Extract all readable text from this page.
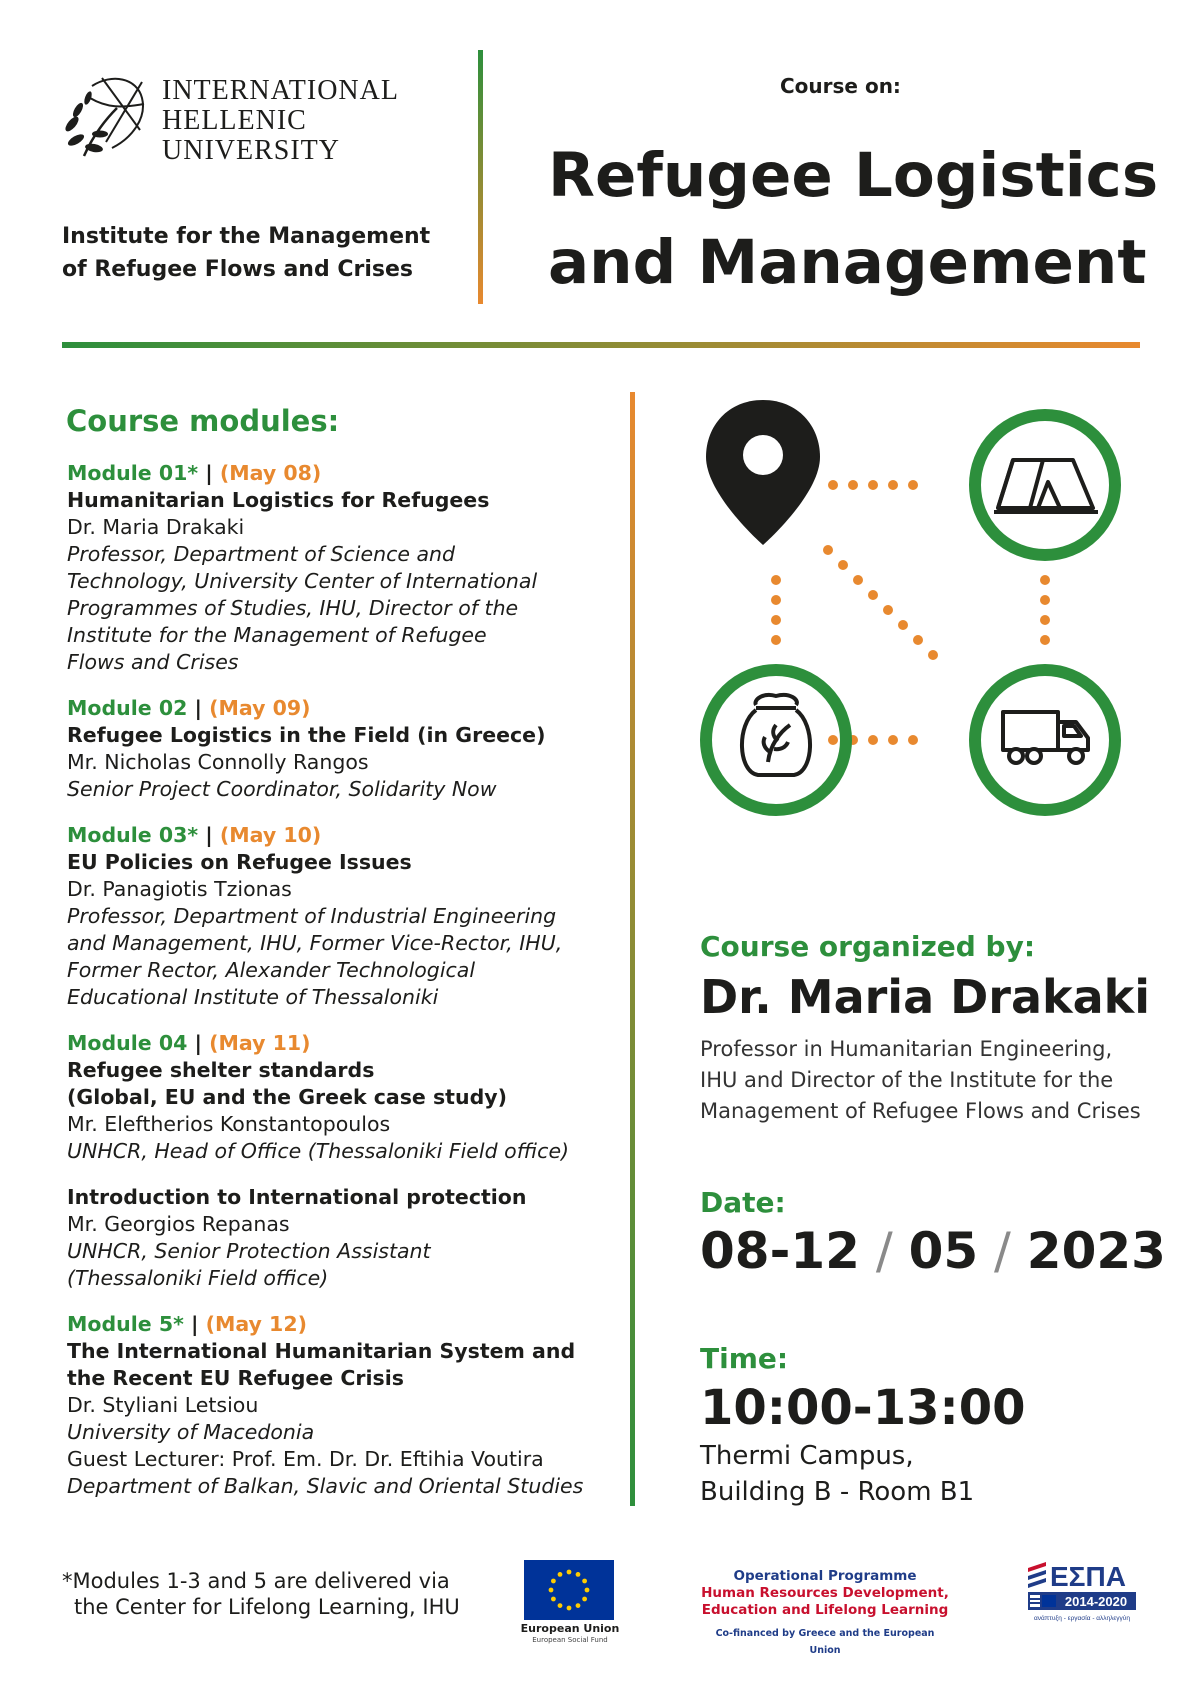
INTERNATIONAL
HELLENIC
UNIVERSITY
Institute for the Management
of Refugee Flows and Crises
Course on:
Refugee Logistics
and Management
Course modules:
Module 01* | (May 08)
Humanitarian Logistics for Refugees
Dr. Maria Drakaki
Professor, Department of Science and
Technology, University Center of International
Programmes of Studies, IHU, Director of the
Institute for the Management of Refugee
Flows and Crises
Module 02 | (May 09)
Refugee Logistics in the Field (in Greece)
Mr. Nicholas Connolly Rangos
Senior Project Coordinator, Solidarity Now
Module 03* | (May 10)
EU Policies on Refugee Issues
Dr. Panagiotis Tzionas
Professor, Department of Industrial Engineering
and Management, IHU, Former Vice-Rector, IHU,
Former Rector, Alexander Technological
Educational Institute of Thessaloniki
Module 04 | (May 11)
Refugee shelter standards
(Global, EU and the Greek case study)
Mr. Eleftherios Konstantopoulos
UNHCR, Head of Office (Thessaloniki Field office)
Introduction to International protection
Mr. Georgios Repanas
UNHCR, Senior Protection Assistant
(Thessaloniki Field office)
Module 5* | (May 12)
The International Humanitarian System and
the Recent EU Refugee Crisis
Dr. Styliani Letsiou
University of Macedonia
Guest Lecturer: Prof. Em. Dr. Dr. Eftihia Voutira
Department of Balkan, Slavic and Oriental Studies
Course organized by:
Dr. Maria Drakaki
Professor in Humanitarian Engineering,
IHU and Director of the Institute for the
Management of Refugee Flows and Crises
Date:
08-12 / 05 / 2023
Time:
10:00-13:00
Thermi Campus,
Building B - Room B1
*Modules 1-3 and 5 are delivered via
the Center for Lifelong Learning, IHU
European Union
European Social Fund
Operational Programme
Human Resources Development,
Education and Lifelong Learning
Co-financed by Greece and the European Union
ΕΣΠΑ
2014-2020
ανάπτυξη - εργασία - αλληλεγγύη
